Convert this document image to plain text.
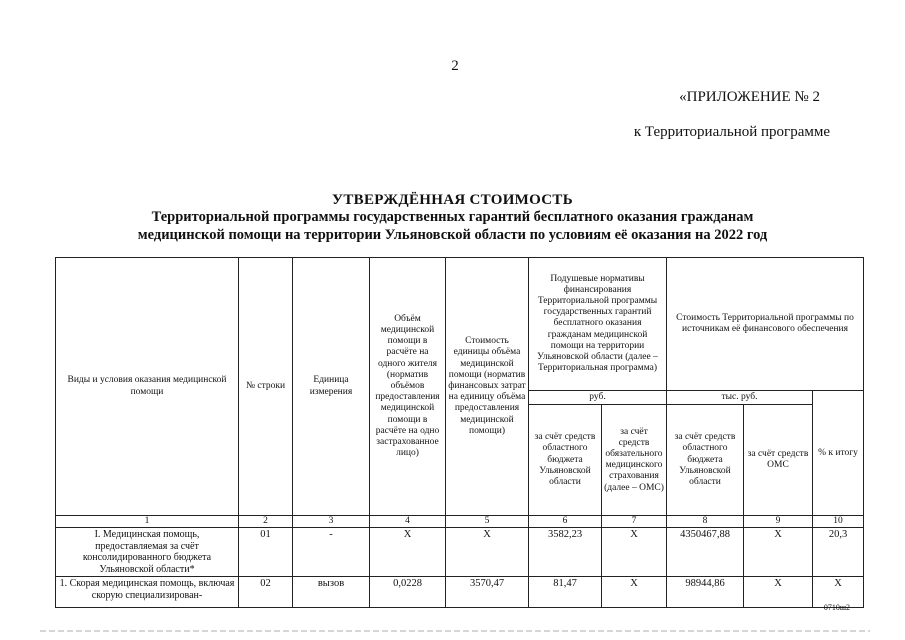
2
«ПРИЛОЖЕНИЕ № 2
к Территориальной программе
УТВЕРЖДЁННАЯ СТОИМОСТЬ
Территориальной программы государственных гарантий бесплатного оказания гражданам
медицинской помощи на территории Ульяновской области по условиям её оказания на 2022 год
Виды и условия оказания медицинской помощи	№ строки	Единица измерения	Объём медицинской помощи в расчёте на одного жителя (норматив объёмов предоставления медицинской помощи в расчёте на одно застрахованное лицо)	Стоимость единицы объёма медицинской помощи (норматив финансовых затрат на единицу объёма предоставления медицинской помощи)	Подушевые нормативы финансирования Территориальной программы государственных гарантий бесплатного оказания гражданам медицинской помощи на территории Ульяновской области (далее – Территориальная программа)		Стоимость Территориальной программы по источникам её финансового обеспечения		
					руб.		тыс. руб.		% к итогу
					за счёт средств областного бюджета Ульяновской области	за счёт средств обязательного медицинского страхования (далее – ОМС)	за счёт средств областного бюджета Ульяновской области	за счёт средств ОМС	
1	2	3	4	5	6	7	8	9	10
I. Медицинская помощь, предоставляемая за счёт консолидированного бюджета Ульяновской области*	01	-	Х	Х	3582,23	Х	4350467,88	Х	20,3
1. Скорая медицинская помощь, включая скорую специализирован-	02	вызов	0,0228	3570,47	81,47	Х	98944,86	Х	Х
0710ш2
